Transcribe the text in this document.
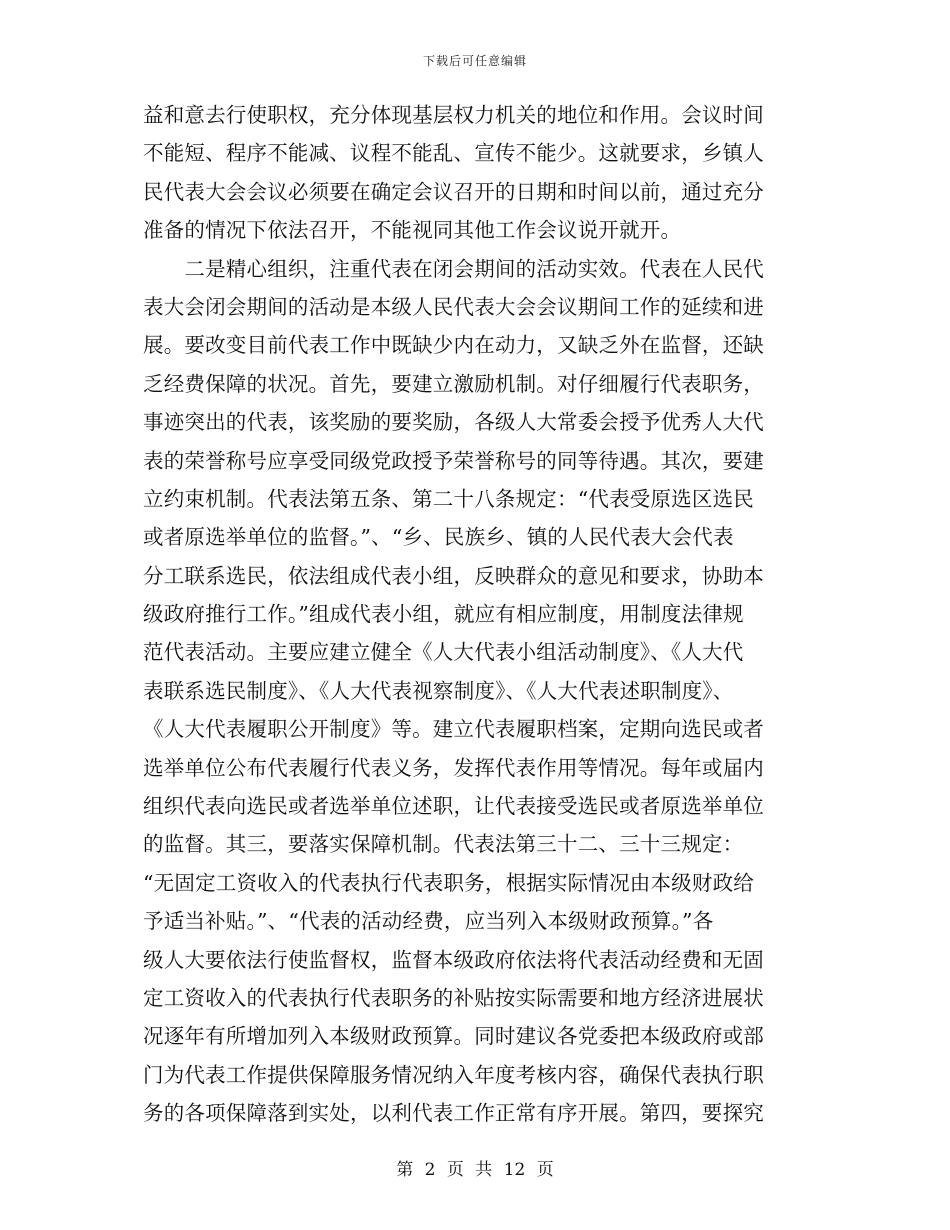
下载后可任意编辑
益和意去行使职权，充分体现基层权力机关的地位和作用。会议时间
不能短、程序不能减、议程不能乱、宣传不能少。这就要求，乡镇人
民代表大会会议必须要在确定会议召开的日期和时间以前，通过充分
准备的情况下依法召开，不能视同其他工作会议说开就开。
　　二是精心组织，注重代表在闭会期间的活动实效。代表在人民代
表大会闭会期间的活动是本级人民代表大会会议期间工作的延续和进
展。要改变目前代表工作中既缺少内在动力，又缺乏外在监督，还缺
乏经费保障的状况。首先，要建立激励机制。对仔细履行代表职务，
事迹突出的代表，该奖励的要奖励，各级人大常委会授予优秀人大代
表的荣誉称号应享受同级党政授予荣誉称号的同等待遇。其次，要建
立约束机制。代表法第五条、第二十八条规定：“代表受原选区选民
或者原选举单位的监督。”、“乡、民族乡、镇的人民代表大会代表
分工联系选民，依法组成代表小组，反映群众的意见和要求，协助本
级政府推行工作。”组成代表小组，就应有相应制度，用制度法律规
范代表活动。主要应建立健全《人大代表小组活动制度》、《人大代
表联系选民制度》、《人大代表视察制度》、《人大代表述职制度》、
《人大代表履职公开制度》等。建立代表履职档案，定期向选民或者
选举单位公布代表履行代表义务，发挥代表作用等情况。每年或届内
组织代表向选民或者选举单位述职，让代表接受选民或者原选举单位
的监督。其三，要落实保障机制。代表法第三十二、三十三规定：
“无固定工资收入的代表执行代表职务，根据实际情况由本级财政给
予适当补贴。”、“代表的活动经费，应当列入本级财政预算。”各
级人大要依法行使监督权，监督本级政府依法将代表活动经费和无固
定工资收入的代表执行代表职务的补贴按实际需要和地方经济进展状
况逐年有所增加列入本级财政预算。同时建议各党委把本级政府或部
门为代表工作提供保障服务情况纳入年度考核内容，确保代表执行职
务的各项保障落到实处，以利代表工作正常有序开展。第四，要探究
第 2 页 共 12 页
